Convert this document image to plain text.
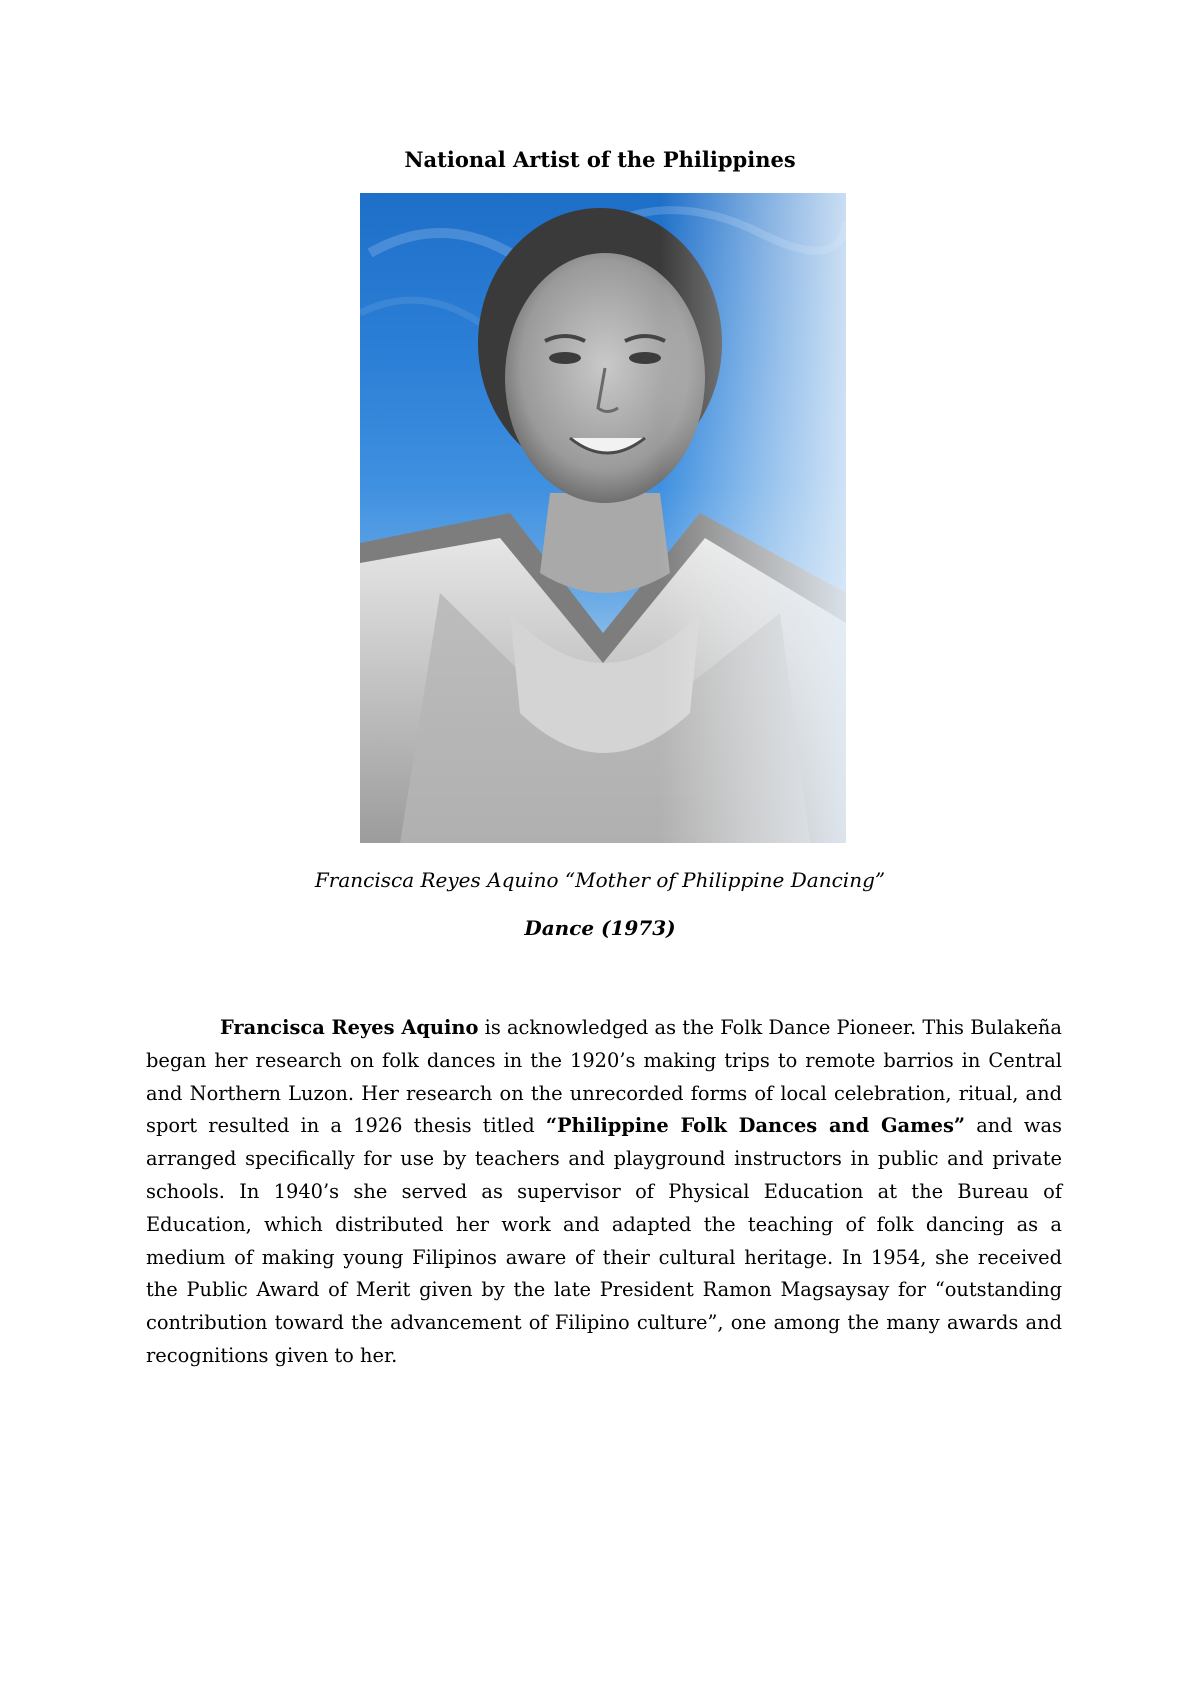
National Artist of the Philippines
Francisca Reyes Aquino “Mother of Philippine Dancing”
Dance (1973)

Francisca Reyes Aquino is acknowledged as the Folk Dance Pioneer. This Bulakeña began her research on folk dances in the 1920’s making trips to remote barrios in Central and Northern Luzon. Her research on the unrecorded forms of local celebration, ritual, and sport resulted in a 1926 thesis titled “Philippine Folk Dances and Games” and was arranged specifically for use by teachers and playground instructors in public and private schools. In 1940’s she served as supervisor of Physical Education at the Bureau of Education, which distributed her work and adapted the teaching of folk dancing as a medium of making young Filipinos aware of their cultural heritage. In 1954, she received the Public Award of Merit given by the late President Ramon Magsaysay for “outstanding contribution toward the advancement of Filipino culture”, one among the many awards and recognitions given to her.
